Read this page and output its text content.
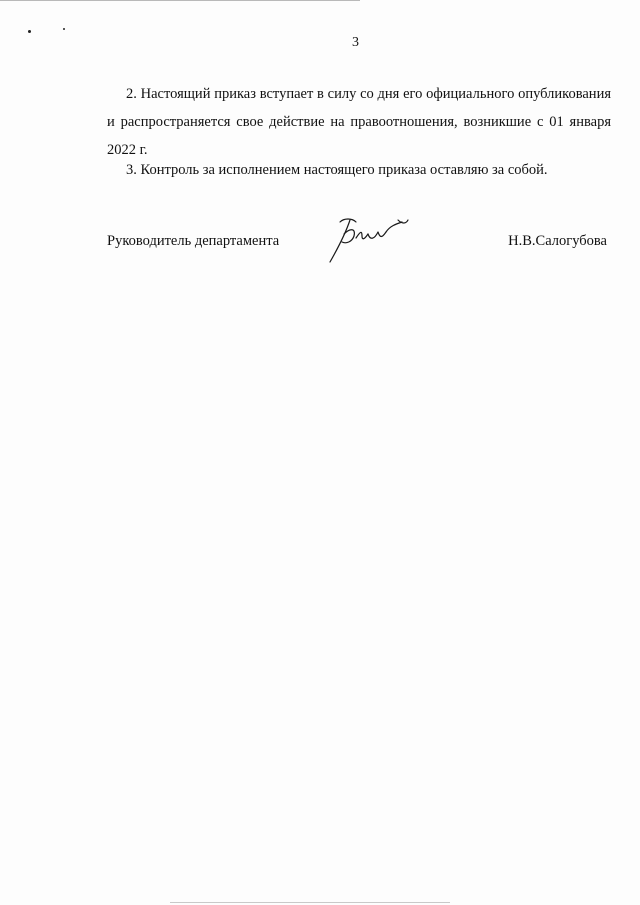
3

2. Настоящий приказ вступает в силу со дня его официального опубликования и распространяется свое действие на правоотношения, возникшие с 01 января 2022 г.

3. Контроль за исполнением настоящего приказа оставляю за собой.

Руководитель департамента	Н.В.Салогубова
